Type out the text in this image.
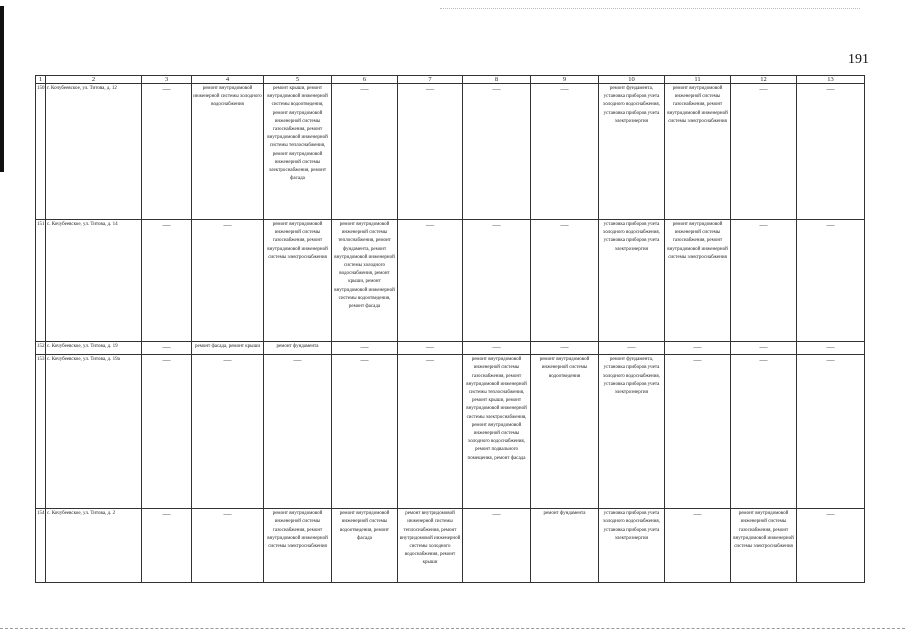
191
1	2	3	4	5	6	7	8	9	10	11	12	13
150	г. Кочубеевское, ул. Титова, д. 12	—	ремонт внутридомовой инженерной системы холодного водоснабжения	ремонт крыши, ремонт внутридомовой инженерной системы водоотведения, ремонт внутридомовой инженерной системы газоснабжения, ремонт внутридомовой инженерной системы теплоснабжения, ремонт внутридомовой инженерной системы электроснабжения, ремонт фасада	—	—	—	—	ремонт фундамента, установка приборов учета холодного водоснабжения, установка приборов учета электроэнергии	ремонт внутридомовой инженерной системы газоснабжения, ремонт внутридомовой инженерной системы электроснабжения	—	—
151	с. Кочубеевское, ул. Титова, д. 14	—	—	ремонт внутридомовой инженерной системы газоснабжения, ремонт внутридомовой инженерной системы электроснабжения	ремонт внутридомовой инженерной системы теплоснабжения, ремонт фундамента, ремонт внутридомовой инженерной системы холодного водоснабжения, ремонт крыши, ремонт внутридомовой инженерной системы водоотведения, ремонт фасада	—	—	—	установка приборов учета холодного водоснабжения, установка приборов учета электроэнергии	ремонт внутридомовой инженерной системы газоснабжения, ремонт внутридомовой инженерной системы электроснабжения	—	—
152	с. Кочубеевское, ул. Титова, д. 19	—	ремонт фасада, ремонт крыши	ремонт фундамента	—	—	—	—	—	—	—	—
153	с. Кочубеевское, ул. Титова, д. 19а	—	—	—	—	—	ремонт внутридомовой инженерной системы газоснабжения, ремонт внутридомовой инженерной системы теплоснабжения, ремонт крыши, ремонт внутридомовой инженерной системы электроснабжения, ремонт внутридомовой инженерной системы холодного водоснабжения, ремонт подвального помещения, ремонт фасада	ремонт внутридомовой инженерной системы водоотведения	ремонт фундамента, установка приборов учета холодного водоснабжения, установка приборов учета электроэнергии	—	—	—
154	с. Кочубеевское, ул. Титова, д. 2	—	—	ремонт внутридомовой инженерной системы газоснабжения, ремонт внутридомовой инженерной системы электроснабжения	ремонт внутридомовой инженерной системы водоотведения, ремонт фасада	ремонт внутридомовой инженерной системы теплоснабжения, ремонт внутридомовой инженерной системы холодного водоснабжения, ремонт крыши	—	ремонт фундамента	установка приборов учета холодного водоснабжения, установка приборов учета электроэнергии	—	ремонт внутридомовой инженерной системы газоснабжения, ремонт внутридомовой инженерной системы электроснабжения	—
